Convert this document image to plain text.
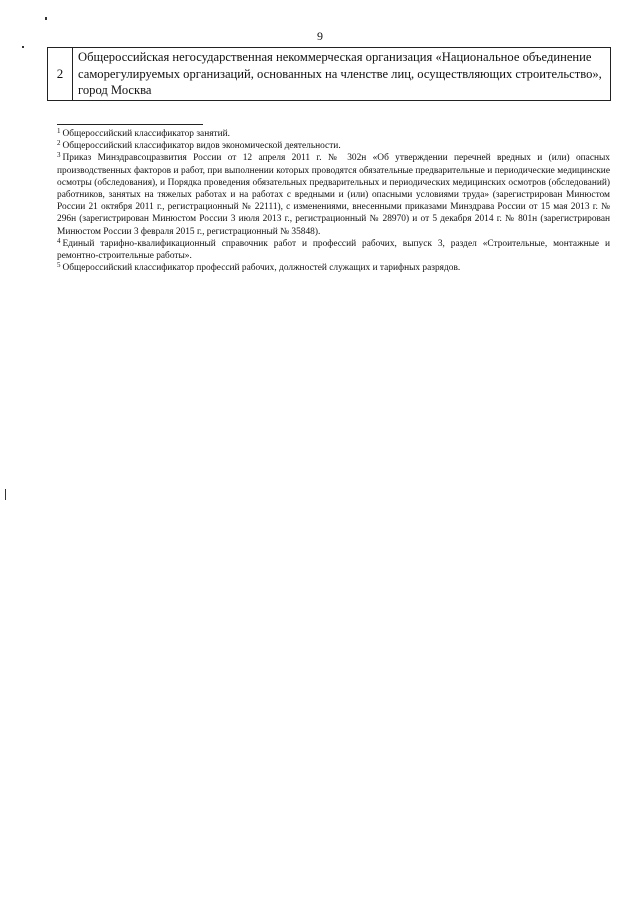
9
2	Общероссийская негосударственная некоммерческая организация «Национальное объединение саморегулируемых организаций, основанных на членстве лиц, осуществляющих строительство», город Москва

$^1$ Общероссийский классификатор занятий.

$^2$ Общероссийский классификатор видов экономической деятельности.

$^3$ Приказ Минздравсоцразвития России от 12 апреля 2011 г. № 302н «Об утверждении перечней вредных и (или) опасных производственных факторов и работ, при выполнении которых проводятся обязательные предварительные и периодические медицинские осмотры (обследования), и Порядка проведения обязательных предварительных и периодических медицинских осмотров (обследований) работников, занятых на тяжелых работах и на работах с вредными и (или) опасными условиями труда» (зарегистрирован Минюстом России 21 октября 2011 г., регистрационный № 22111), с изменениями, внесенными приказами Минздрава России от 15 мая 2013 г. № 296н (зарегистрирован Минюстом России 3 июля 2013 г., регистрационный № 28970) и от 5 декабря 2014 г. № 801н (зарегистрирован Минюстом России 3 февраля 2015 г., регистрационный № 35848).

$^4$ Единый тарифно-квалификационный справочник работ и профессий рабочих, выпуск 3, раздел «Строительные, монтажные и ремонтно-строительные работы».

$^5$ Общероссийский классификатор профессий рабочих, должностей служащих и тарифных разрядов.
